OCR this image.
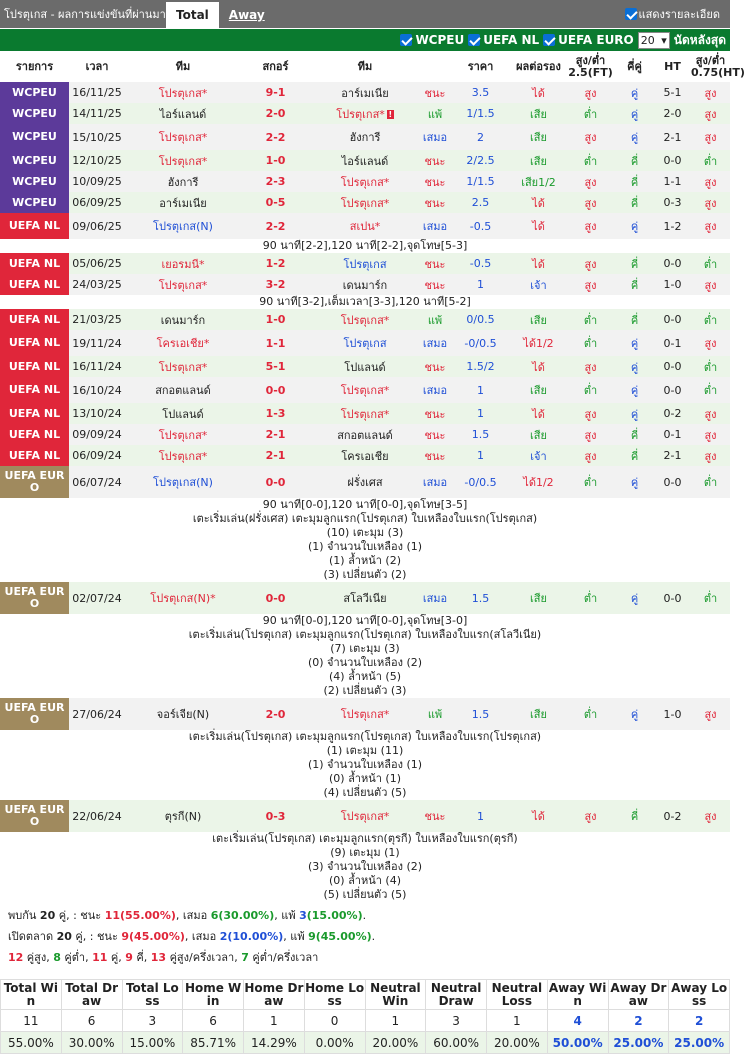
โปรตุเกส - ผลการแข่งขันที่ผ่านมา Total	Away	แสดงรายละเอียด
WCPEU UEFA NL UEFA EURO 20 ▾ นัดหลังสุด
รายการ	เวลา	ทีม	สกอร์	ทีม		ราคา	ผลต่อรอง	สูง/ต่ำ 2.5(FT)	คี่คู่	HT	สูง/ต่ำ 0.75(HT)
WCPEU	16/11/25	โปรตุเกส*	9-1	อาร์เมเนีย	ชนะ	3.5	ได้	สูง	คู่	5-1	สูง
WCPEU	14/11/25	ไอร์แลนด์	2-0	โปรตุเกส* !	แพ้	1/1.5	เสีย	ต่ำ	คู่	2-0	สูง
WCPEU	15/10/25	โปรตุเกส*	2-2	ฮังการี	เสมอ	2	เสีย	สูง	คู่	2-1	สูง
WCPEU	12/10/25	โปรตุเกส*	1-0	ไอร์แลนด์	ชนะ	2/2.5	เสีย	ต่ำ	คี่	0-0	ต่ำ
WCPEU	10/09/25	ฮังการี	2-3	โปรตุเกส*	ชนะ	1/1.5	เสีย1/2	สูง	คี่	1-1	สูง
WCPEU	06/09/25	อาร์เมเนีย	0-5	โปรตุเกส*	ชนะ	2.5	ได้	สูง	คี่	0-3	สูง
UEFA NL	09/06/25	โปรตุเกส(N)	2-2	สเปน*	เสมอ	-0.5	ได้	สูง	คู่	1-2	สูง
90 นาที[2-2],120 นาที[2-2],จุดโทษ[5-3]											
UEFA NL	05/06/25	เยอรมนี*	1-2	โปรตุเกส	ชนะ	-0.5	ได้	สูง	คี่	0-0	ต่ำ
UEFA NL	24/03/25	โปรตุเกส*	3-2	เดนมาร์ก	ชนะ	1	เจ้า	สูง	คี่	1-0	สูง
90 นาที[3-2],เต็มเวลา[3-3],120 นาที[5-2]											
UEFA NL	21/03/25	เดนมาร์ก	1-0	โปรตุเกส*	แพ้	0/0.5	เสีย	ต่ำ	คี่	0-0	ต่ำ
UEFA NL	19/11/24	โครเอเชีย*	1-1	โปรตุเกส	เสมอ	-0/0.5	ได้1/2	ต่ำ	คู่	0-1	สูง
UEFA NL	16/11/24	โปรตุเกส*	5-1	โปแลนด์	ชนะ	1.5/2	ได้	สูง	คู่	0-0	ต่ำ
UEFA NL	16/10/24	สกอตแลนด์	0-0	โปรตุเกส*	เสมอ	1	เสีย	ต่ำ	คู่	0-0	ต่ำ
UEFA NL	13/10/24	โปแลนด์	1-3	โปรตุเกส*	ชนะ	1	ได้	สูง	คู่	0-2	สูง
UEFA NL	09/09/24	โปรตุเกส*	2-1	สกอตแลนด์	ชนะ	1.5	เสีย	สูง	คี่	0-1	สูง
UEFA NL	06/09/24	โปรตุเกส*	2-1	โครเอเชีย	ชนะ	1	เจ้า	สูง	คี่	2-1	สูง
UEFA EURO	06/07/24	โปรตุเกส(N)	0-0	ฝรั่งเศส	เสมอ	-0/0.5	ได้1/2	ต่ำ	คู่	0-0	ต่ำ
90 นาที[0-0],120 นาที[0-0],จุดโทษ[3-5]											
เตะเริ่มเล่น(ฝรั่งเศส) เตะมุมลูกแรก(โปรตุเกส) ใบเหลืองใบแรก(โปรตุเกส)											
(10) เตะมุม (3)											
(1) จำนวนใบเหลือง (1)											
(1) ล้ำหน้า (2)											
(3) เปลี่ยนตัว (2)											
UEFA EURO	02/07/24	โปรตุเกส(N)*	0-0	สโลวีเนีย	เสมอ	1.5	เสีย	ต่ำ	คู่	0-0	ต่ำ
90 นาที[0-0],120 นาที[0-0],จุดโทษ[3-0]											
เตะเริ่มเล่น(โปรตุเกส) เตะมุมลูกแรก(โปรตุเกส) ใบเหลืองใบแรก(สโลวีเนีย)											
(7) เตะมุม (3)											
(0) จำนวนใบเหลือง (2)											
(4) ล้ำหน้า (5)											
(2) เปลี่ยนตัว (3)											
UEFA EURO	27/06/24	จอร์เจีย(N)	2-0	โปรตุเกส*	แพ้	1.5	เสีย	ต่ำ	คู่	1-0	สูง
เตะเริ่มเล่น(โปรตุเกส) เตะมุมลูกแรก(โปรตุเกส) ใบเหลืองใบแรก(โปรตุเกส)											
(1) เตะมุม (11)											
(1) จำนวนใบเหลือง (1)											
(0) ล้ำหน้า (1)											
(4) เปลี่ยนตัว (5)											
UEFA EURO	22/06/24	ตุรกี(N)	0-3	โปรตุเกส*	ชนะ	1	ได้	สูง	คี่	0-2	สูง
เตะเริ่มเล่น(โปรตุเกส) เตะมุมลูกแรก(ตุรกี) ใบเหลืองใบแรก(ตุรกี)											
(9) เตะมุม (1)											
(3) จำนวนใบเหลือง (2)											
(0) ล้ำหน้า (4)											
(5) เปลี่ยนตัว (5)											
พบกัน 20 คู่, : ชนะ 11(55.00%), เสมอ 6(30.00%), แพ้ 3(15.00%).
เปิดตลาด 20 คู่, : ชนะ 9(45.00%), เสมอ 2(10.00%), แพ้ 9(45.00%).
12 คู่สูง, 8 คู่ต่ำ, 11 คู่, 9 คี่, 13 คู่สูง/ครึ่งเวลา, 7 คู่ต่ำ/ครึ่งเวลา
Total Win	Total Draw	Total Loss	Home Win	Home Draw	Home Loss	Neutral Win	Neutral Draw	Neutral Loss	Away Win	Away Draw	Away Loss
11	6	3	6	1	0	1	3	1	4	2	2
55.00%	30.00%	15.00%	85.71%	14.29%	0.00%	20.00%	60.00%	20.00%	50.00%	25.00%	25.00%
